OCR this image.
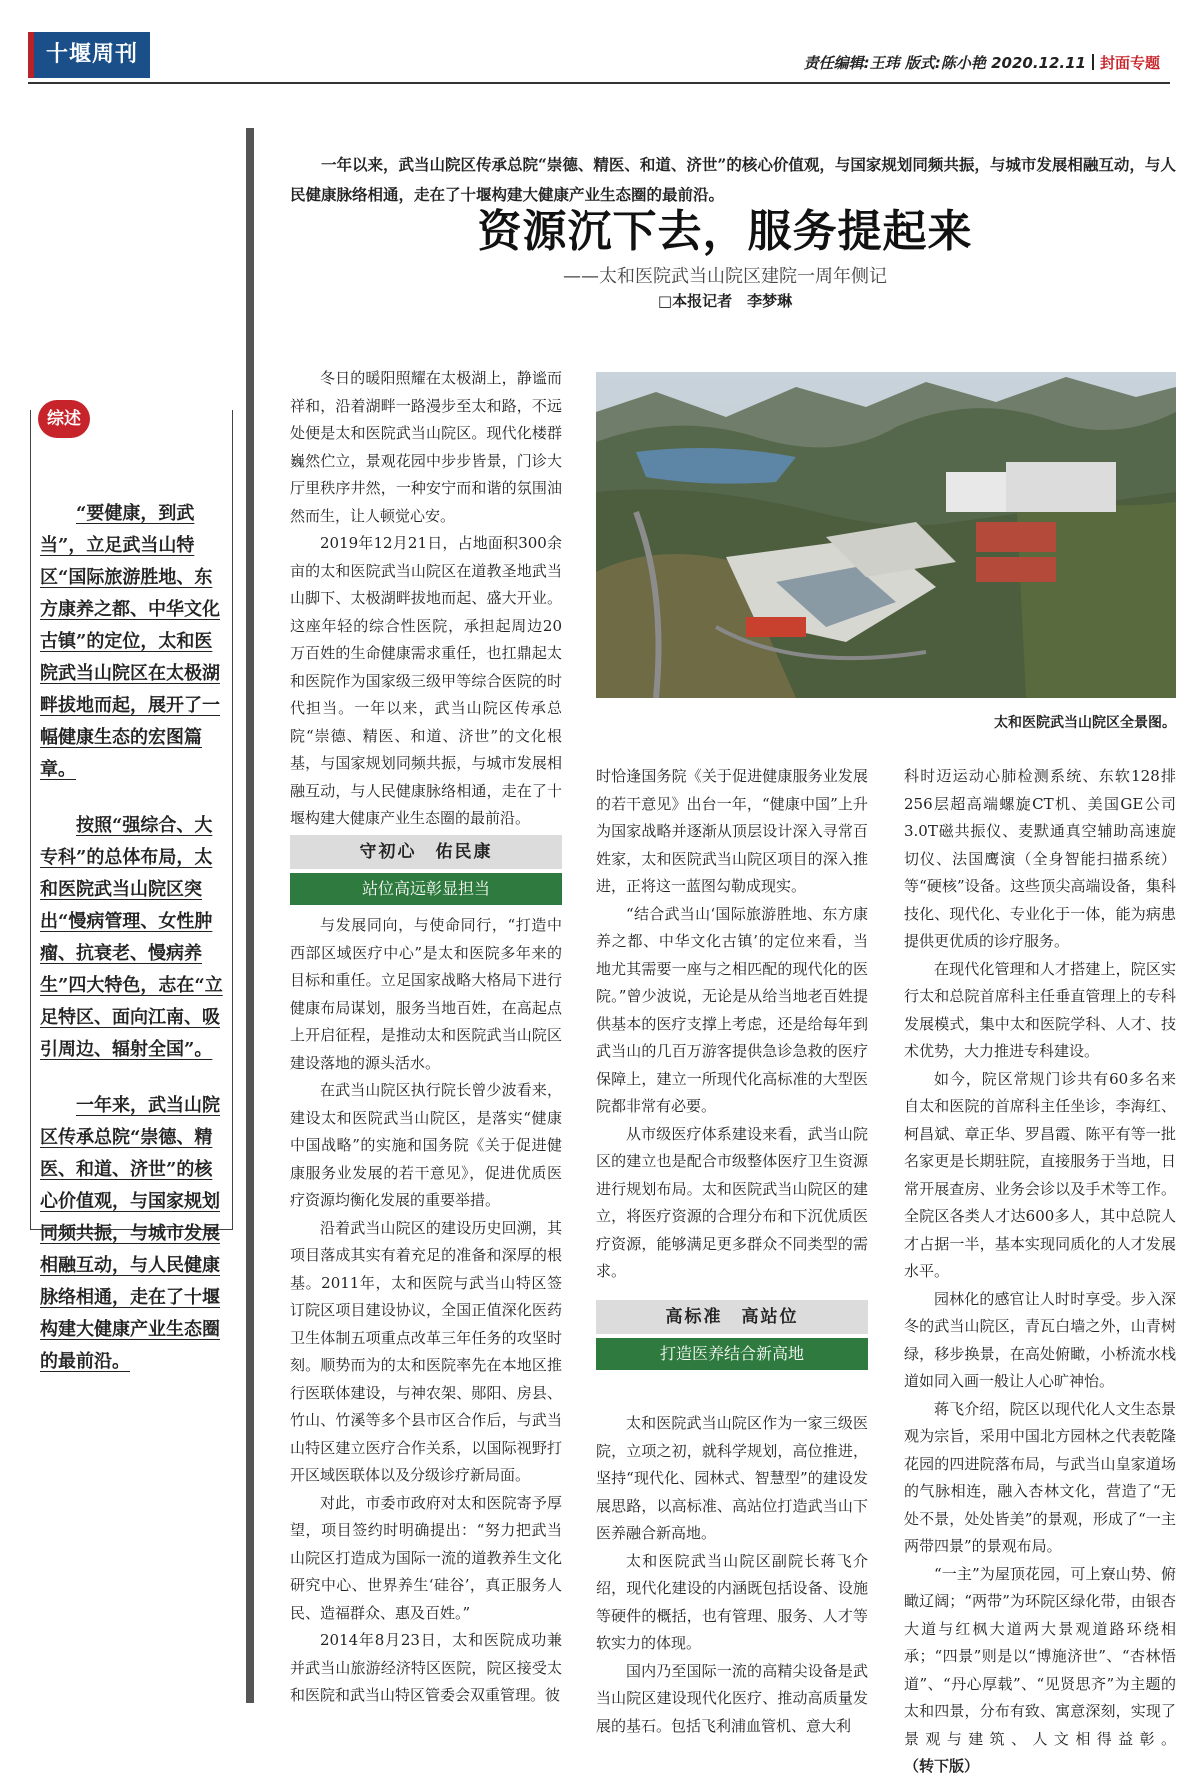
十堰周刊	责任编辑:王玮 版式:陈小艳 2020.12.11 封面专题
综述

“要健康，到武当”，立足武当山特区“国际旅游胜地、东方康养之都、中华文化古镇”的定位，太和医院武当山院区在太极湖畔拔地而起，展开了一幅健康生态的宏图篇章。

按照“强综合、大专科”的总体布局，太和医院武当山院区突出“慢病管理、女性肿瘤、抗衰老、慢病养生”四大特色，志在“立足特区、面向江南、吸引周边、辐射全国”。

一年来，武当山院区传承总院“崇德、精医、和道、济世”的核心价值观，与国家规划同频共振，与城市发展相融互动，与人民健康脉络相通，走在了十堰构建大健康产业生态圈的最前沿。

一年以来，武当山院区传承总院“崇德、精医、和道、济世”的核心价值观，与国家规划同频共振，与城市发展相融互动，与人民健康脉络相通，走在了十堰构建大健康产业生态圈的最前沿。
资源沉下去，服务提起来
——太和医院武当山院区建院一周年侧记
□本报记者　李梦琳
太和医院武当山院区全景图。

冬日的暖阳照耀在太极湖上，静谧而祥和，沿着湖畔一路漫步至太和路，不远处便是太和医院武当山院区。现代化楼群巍然伫立，景观花园中步步皆景，门诊大厅里秩序井然，一种安宁而和谐的氛围油然而生，让人顿觉心安。

2019年12月21日，占地面积300余亩的太和医院武当山院区在道教圣地武当山脚下、太极湖畔拔地而起、盛大开业。这座年轻的综合性医院，承担起周边20万百姓的生命健康需求重任，也扛鼎起太和医院作为国家级三级甲等综合医院的时代担当。一年以来，武当山院区传承总院“崇德、精医、和道、济世”的文化根基，与国家规划同频共振，与城市发展相融互动，与人民健康脉络相通，走在了十堰构建大健康产业生态圈的最前沿。

守初心　佑民康
站位高远彰显担当

与发展同向，与使命同行，“打造中西部区域医疗中心”是太和医院多年来的目标和重任。立足国家战略大格局下进行健康布局谋划，服务当地百姓，在高起点上开启征程，是推动太和医院武当山院区建设落地的源头活水。

在武当山院区执行院长曾少波看来，建设太和医院武当山院区，是落实“健康中国战略”的实施和国务院《关于促进健康服务业发展的若干意见》，促进优质医疗资源均衡化发展的重要举措。

沿着武当山院区的建设历史回溯，其项目落成其实有着充足的准备和深厚的根基。2011年，太和医院与武当山特区签订院区项目建设协议，全国正值深化医药卫生体制五项重点改革三年任务的攻坚时刻。顺势而为的太和医院率先在本地区推行医联体建设，与神农架、郧阳、房县、竹山、竹溪等多个县市区合作后，与武当山特区建立医疗合作关系，以国际视野打开区域医联体以及分级诊疗新局面。

对此，市委市政府对太和医院寄予厚望，项目签约时明确提出：“努力把武当山院区打造成为国际一流的道教养生文化研究中心、世界养生‘硅谷’，真正服务人民、造福群众、惠及百姓。”

2014年8月23日，太和医院成功兼并武当山旅游经济特区医院，院区接受太和医院和武当山特区管委会双重管理。彼

时恰逢国务院《关于促进健康服务业发展的若干意见》出台一年，“健康中国”上升为国家战略并逐渐从顶层设计深入寻常百姓家，太和医院武当山院区项目的深入推进，正将这一蓝图勾勒成现实。

“结合武当山‘国际旅游胜地、东方康养之都、中华文化古镇’的定位来看，当地尤其需要一座与之相匹配的现代化的医院。”曾少波说，无论是从给当地老百姓提供基本的医疗支撑上考虑，还是给每年到武当山的几百万游客提供急诊急救的医疗保障上，建立一所现代化高标准的大型医院都非常有必要。

从市级医疗体系建设来看，武当山院区的建立也是配合市级整体医疗卫生资源进行规划布局。太和医院武当山院区的建立，将医疗资源的合理分布和下沉优质医疗资源，能够满足更多群众不同类型的需求。

高标准　高站位
打造医养结合新高地

太和医院武当山院区作为一家三级医院，立项之初，就科学规划，高位推进，坚持“现代化、园林式、智慧型”的建设发展思路，以高标准、高站位打造武当山下医养融合新高地。

太和医院武当山院区副院长蒋飞介绍，现代化建设的内涵既包括设备、设施等硬件的概括，也有管理、服务、人才等软实力的体现。

国内乃至国际一流的高精尖设备是武当山院区建设现代化医疗、推动高质量发展的基石。包括飞利浦血管机、意大利

科时迈运动心肺检测系统、东软128排256层超高端螺旋CT机、美国GE公司3.0T磁共振仪、麦默通真空辅助高速旋切仪、法国鹰演（全身智能扫描系统）等“硬核”设备。这些顶尖高端设备，集科技化、现代化、专业化于一体，能为病患提供更优质的诊疗服务。

在现代化管理和人才搭建上，院区实行太和总院首席科主任垂直管理上的专科发展模式，集中太和医院学科、人才、技术优势，大力推进专科建设。

如今，院区常规门诊共有60多名来自太和医院的首席科主任坐诊，李海红、柯昌斌、章正华、罗昌霞、陈平有等一批名家更是长期驻院，直接服务于当地，日常开展查房、业务会诊以及手术等工作。全院区各类人才达600多人，其中总院人才占据一半，基本实现同质化的人才发展水平。

园林化的感官让人时时享受。步入深冬的武当山院区，青瓦白墙之外，山青树绿，移步换景，在高处俯瞰，小桥流水栈道如同入画一般让人心旷神怡。

蒋飞介绍，院区以现代化人文生态景观为宗旨，采用中国北方园林之代表乾隆花园的四进院落布局，与武当山皇家道场的气脉相连，融入杏林文化，营造了“无处不景，处处皆美”的景观，形成了“一主两带四景”的景观布局。

“一主”为屋顶花园，可上寮山势、俯瞰辽阔；“两带”为环院区绿化带，由银杏大道与红枫大道两大景观道路环绕相承；“四景”则是以“博施济世”、“杏林悟道”、“丹心厚载”、“见贤思齐”为主题的太和四景，分布有致、寓意深刻，实现了景观与建筑、人文相得益彰。 （转下版）
